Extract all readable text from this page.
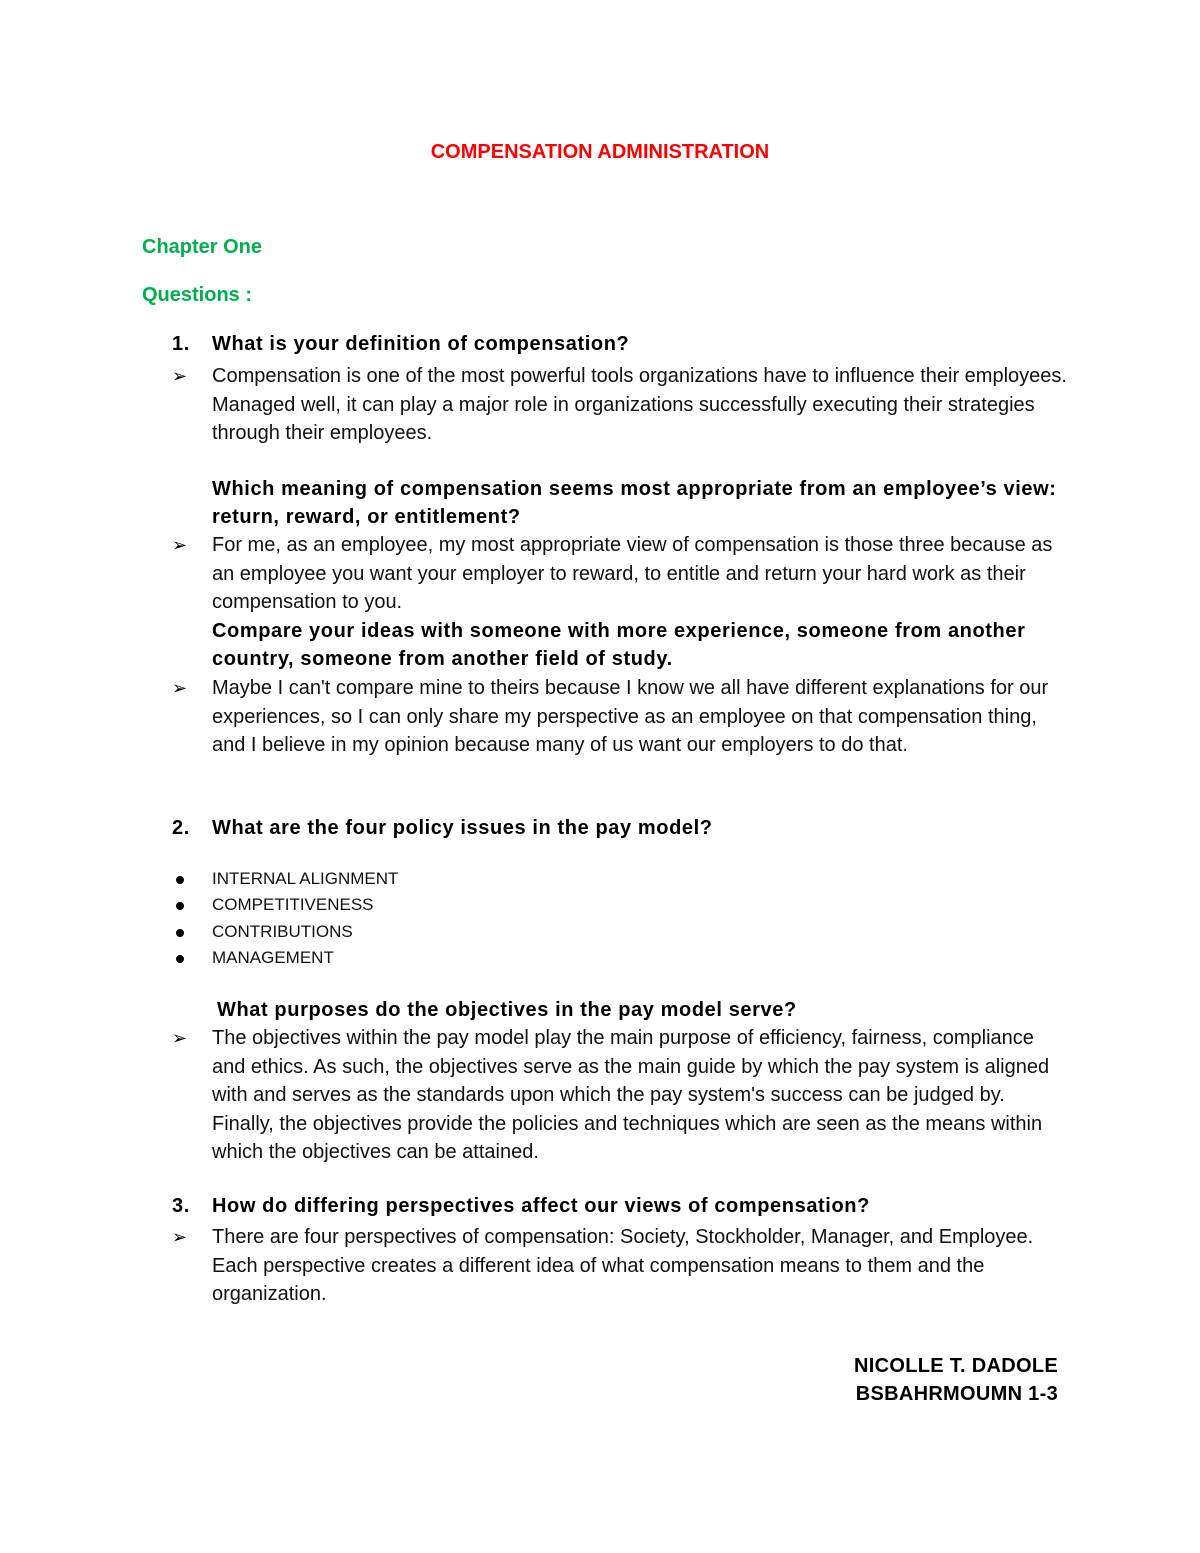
COMPENSATION ADMINISTRATION
Chapter One
Questions :
1. What is your definition of compensation?
➢	Compensation is one of the most powerful tools organizations have to influence their employees. Managed well, it can play a major role in organizations successfully executing their strategies through their employees.
Which meaning of compensation seems most appropriate from an employee’s view: return, reward, or entitlement?
➢	For me, as an employee, my most appropriate view of compensation is those three because as an employee you want your employer to reward, to entitle and return your hard work as their compensation to you.
Compare your ideas with someone with more experience, someone from another country, someone from another field of study.
➢	Maybe I can't compare mine to theirs because I know we all have different explanations for our experiences, so I can only share my perspective as an employee on that compensation thing, and I believe in my opinion because many of us want our employers to do that.
2. What are the four policy issues in the pay model?
INTERNAL ALIGNMENT
COMPETITIVENESS
CONTRIBUTIONS
MANAGEMENT
What purposes do the objectives in the pay model serve?
➢	The objectives within the pay model play the main purpose of efficiency, fairness, compliance and ethics. As such, the objectives serve as the main guide by which the pay system is aligned with and serves as the standards upon which the pay system's success can be judged by. Finally, the objectives provide the policies and techniques which are seen as the means within which the objectives can be attained.
3. How do differing perspectives affect our views of compensation?
➢	There are four perspectives of compensation: Society, Stockholder, Manager, and Employee. Each perspective creates a different idea of what compensation means to them and the organization.
NICOLLE T. DADOLE
BSBAHRMOUMN 1-3
